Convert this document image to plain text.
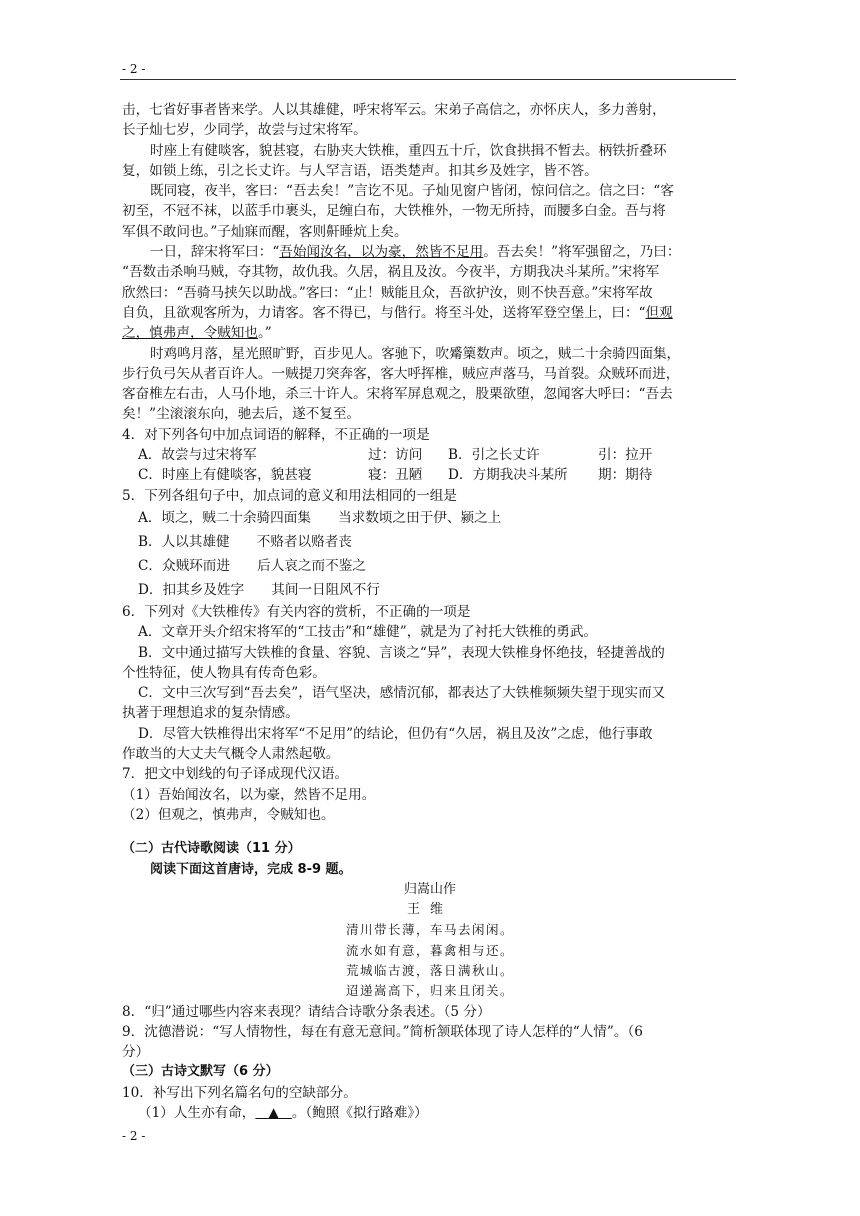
- 2 -
击，七省好事者皆来学。人以其雄健，呼宋将军云。宋弟子高信之，亦怀庆人，多力善射，
长子灿七岁，少同学，故尝与过宋将军。
时座上有健啖客，貌甚寝，右胁夹大铁椎，重四五十斤，饮食拱揖不暂去。柄铁折叠环
复，如锁上练，引之长丈许。与人罕言语，语类楚声。扣其乡及姓字，皆不答。
既同寝，夜半，客曰：“吾去矣！”言讫不见。子灿见窗户皆闭，惊问信之。信之曰：“客
初至，不冠不袜，以蓝手巾裹头，足缠白布，大铁椎外，一物无所持，而腰多白金。吾与将
军俱不敢问也。”子灿寐而醒，客则鼾睡炕上矣。
一日，辞宋将军曰：“吾始闻汝名，以为豪，然皆不足用。吾去矣！”将军强留之，乃曰：
“吾数击杀响马贼，夺其物，故仇我。久居，祸且及汝。今夜半，方期我决斗某所。”宋将军
欣然曰：“吾骑马挟矢以助战。”客曰：“止！贼能且众，吾欲护汝，则不快吾意。”宋将军故
自负，且欲观客所为，力请客。客不得已，与偕行。将至斗处，送将军登空堡上，曰：“但观
之，慎弗声，令贼知也。”
时鸡鸣月落，星光照旷野，百步见人。客驰下，吹觱篥数声。顷之，贼二十余骑四面集，
步行负弓矢从者百许人。一贼提刀突奔客，客大呼挥椎，贼应声落马，马首裂。众贼环而进，
客奋椎左右击，人马仆地，杀三十许人。宋将军屏息观之，股栗欲堕，忽闻客大呼曰：“吾去
矣！”尘滚滚东向，驰去后，遂不复至。
4．对下列各句中加点词语的解释，不正确的一项是
A．故尝与过宋将军	过：访问	B．引之长丈许	引：拉开
C．时座上有健啖客，貌甚寝	寝：丑陋	D．方期我决斗某所	期：期待
5．下列各组句子中，加点词的意义和用法相同的一组是
A．顷之，贼二十余骑四面集　　当求数顷之田于伊、颍之上
B．人以其雄健　　不赂者以赂者丧
C．众贼环而进　　后人哀之而不鉴之
D．扣其乡及姓字　　其间一日阻风不行
6．下列对《大铁椎传》有关内容的赏析，不正确的一项是
A．文章开头介绍宋将军的“工技击”和“雄健”，就是为了衬托大铁椎的勇武。
B．文中通过描写大铁椎的食量、容貌、言谈之“异”，表现大铁椎身怀绝技，轻捷善战的
个性特征，使人物具有传奇色彩。
C．文中三次写到“吾去矣”，语气坚决，感情沉郁，都表达了大铁椎频频失望于现实而又
执著于理想追求的复杂情感。
D．尽管大铁椎得出宋将军“不足用”的结论，但仍有“久居，祸且及汝”之虑，他行事敢
作敢当的大丈夫气概令人肃然起敬。
7．把文中划线的句子译成现代汉语。
（1）吾始闻汝名，以为豪，然皆不足用。
（2）但观之，慎弗声，令贼知也。
（二）古代诗歌阅读（11 分）
阅读下面这首唐诗，完成 8-9 题。
归嵩山作
王维
清川带长薄，车马去闲闲。
流水如有意，暮禽相与还。
荒城临古渡，落日满秋山。
迢递嵩高下，归来且闭关。
8．“归”通过哪些内容来表现？请结合诗歌分条表述。（5 分）
9．沈德潜说：“写人情物性，每在有意无意间。”简析颔联体现了诗人怎样的“人情”。（6
分）
（三）古诗文默写（6 分）
10．补写出下列名篇名句的空缺部分。
（1）人生亦有命， ▲ 。（鲍照《拟行路难》）
- 2 -
